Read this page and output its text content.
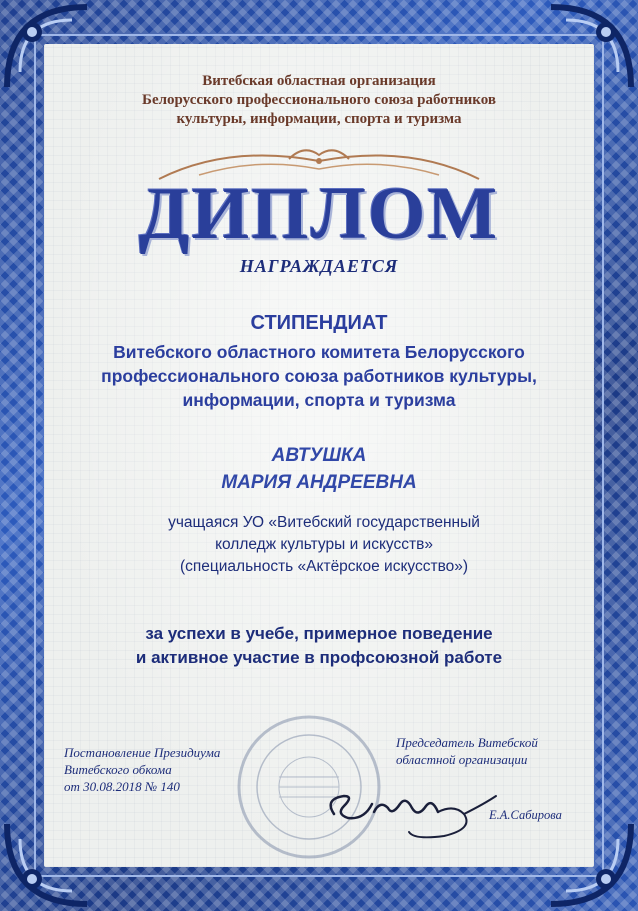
Витебская областная организация
Белорусского профессионального союза работников
культуры, информации, спорта и туризма
ДИПЛОМ
НАГРАЖДАЕТСЯ
СТИПЕНДИАТ
Витебского областного комитета Белорусского
профессионального союза работников культуры,
информации, спорта и туризма
АВТУШКА
МАРИЯ АНДРЕЕВНА
учащаяся УО «Витебский государственный
колледж культуры и искусств»
(специальность «Актёрское искусство»)
за успехи в учебе, примерное поведение
и активное участие в профсоюзной работе
Постановление Президиума
Витебского обкома
от 30.08.2018 № 140
Председатель Витебской
областной организации
Е.А.Сабирова
